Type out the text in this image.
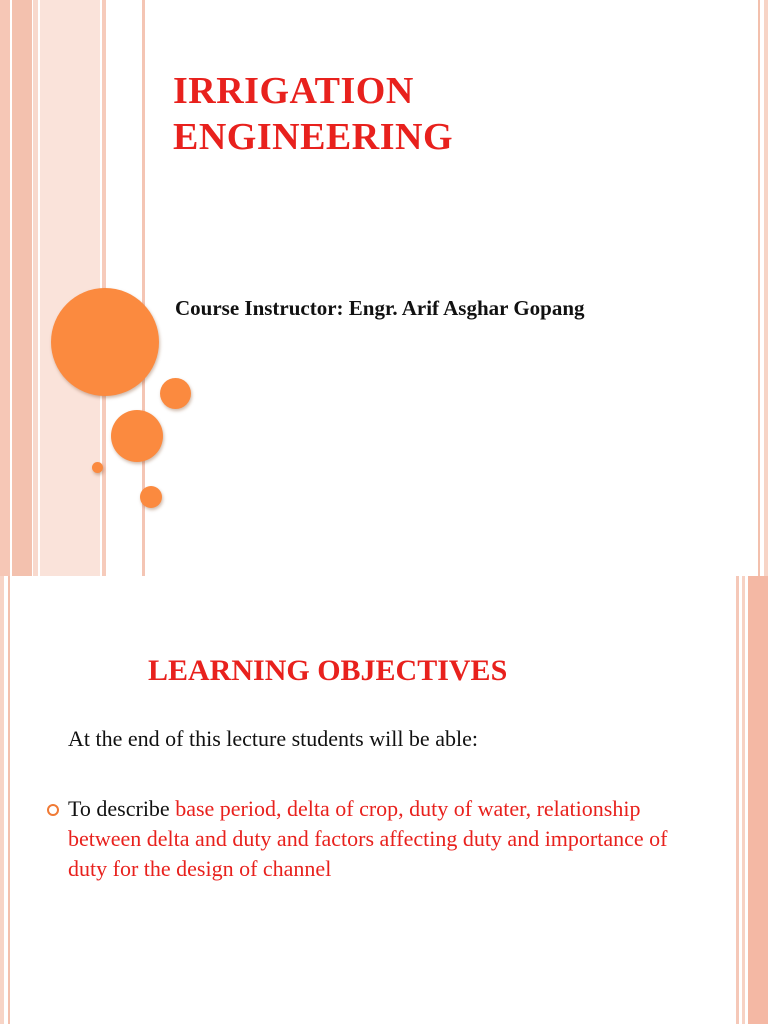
IRRIGATION
ENGINEERING

Course Instructor: Engr. Arif Asghar Gopang

LEARNING OBJECTIVES

At the end of this lecture students will be able:

To describe base period, delta of crop, duty of water, relationship between delta and duty and factors affecting duty and importance of duty for the design of channel
